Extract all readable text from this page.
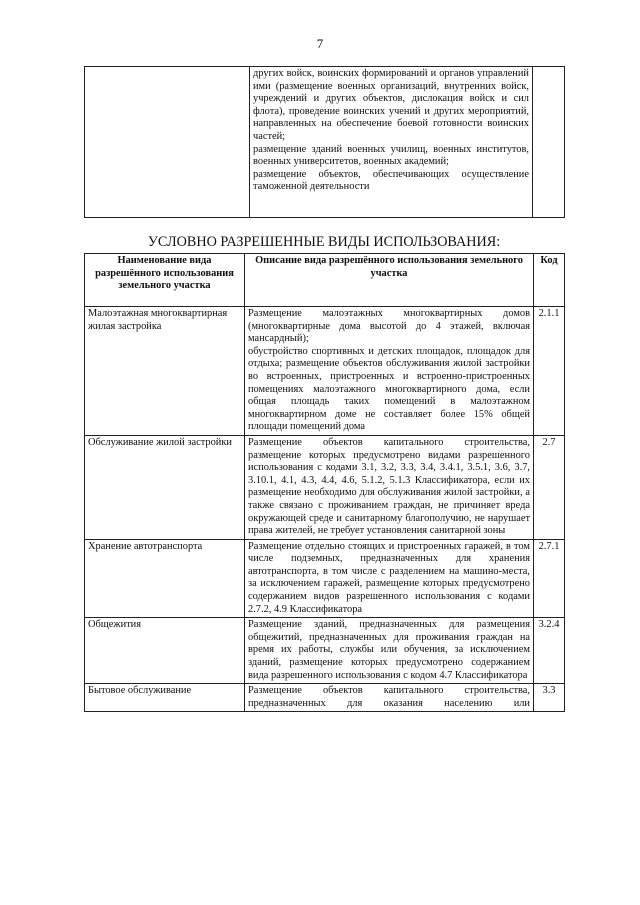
7

других войск, воинских формирований и органов управлений ими (размещение военных организаций, внутренних войск, учреждений и других объектов, дислокация войск и сил флота), проведение воинских учений и других мероприятий, направленных на обеспечение боевой готовности воинских частей;
размещение зданий военных училищ, военных институтов, военных университетов, военных академий;
размещение объектов, обеспечивающих осуществление таможенной деятельности

УСЛОВНО РАЗРЕШЕННЫЕ ВИДЫ ИСПОЛЬЗОВАНИЯ:
Наименование вида разрешённого использования земельного участка	Описание вида разрешённого использования земельного участка	Код
Малоэтажная многоквартирная жилая застройка	Размещение малоэтажных многоквартирных домов (многоквартирные дома высотой до 4 этажей, включая мансардный);
обустройство спортивных и детских площадок, площадок для отдыха; размещение объектов обслуживания жилой застройки во встроенных, пристроенных и встроенно-пристроенных помещениях малоэтажного многоквартирного дома, если общая площадь таких помещений в малоэтажном многоквартирном доме не составляет более 15% общей площади помещений дома	2.1.1
Обслуживание жилой застройки	Размещение объектов капитального строительства, размещение которых предусмотрено видами разрешенного использования с кодами 3.1, 3.2, 3.3, 3.4, 3.4.1, 3.5.1, 3.6, 3.7, 3.10.1, 4.1, 4.3, 4.4, 4.6, 5.1.2, 5.1.3 Классификатора, если их размещение необходимо для обслуживания жилой застройки, а также связано с проживанием граждан, не причиняет вреда окружающей среде и санитарному благополучию, не нарушает права жителей, не требует установления санитарной зоны	2.7
Хранение автотранспорта	Размещение отдельно стоящих и пристроенных гаражей, в том числе подземных, предназначенных для хранения автотранспорта, в том числе с разделением на машино-места, за исключением гаражей, размещение которых предусмотрено содержанием видов разрешенного использования с кодами 2.7.2, 4.9 Классификатора	2.7.1
Общежития	Размещение зданий, предназначенных для размещения общежитий, предназначенных для проживания граждан на время их работы, службы или обучения, за исключением зданий, размещение которых предусмотрено содержанием вида разрешенного использования с кодом 4.7 Классификатора	3.2.4
Бытовое обслуживание	Размещение объектов капитального строительства, предназначенных для оказания населению или	3.3
